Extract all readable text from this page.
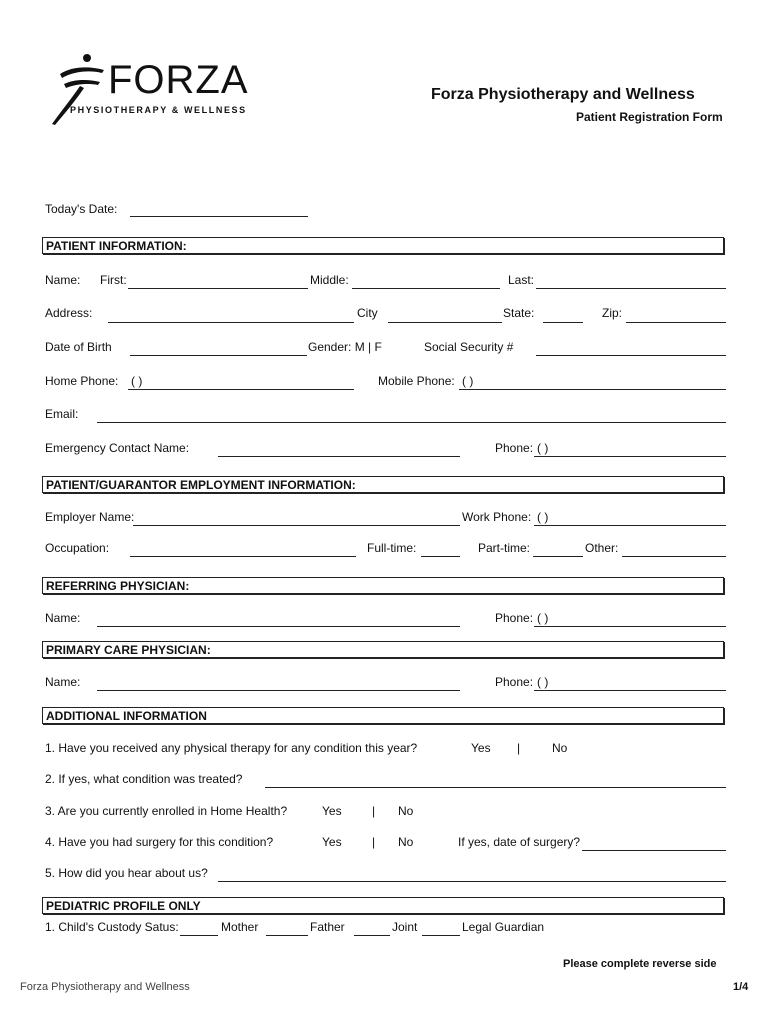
FORZA
PHYSIOTHERAPY & WELLNESS
Forza Physiotherapy and Wellness
Patient Registration Form
Today's Date:
PATIENT INFORMATION:
Name: First:	Middle:	Last:
Address:	City	State:	Zip:
Date of Birth	Gender: M | F	Social Security #
Home Phone: ( )	Mobile Phone: ( )
Email:
Emergency Contact Name:	Phone: ( )
PATIENT/GUARANTOR EMPLOYMENT INFORMATION:
Employer Name:	Work Phone: ( )
Occupation:	Full-time:	Part-time:	Other:
REFERRING PHYSICIAN:
Name:	Phone: ( )
PRIMARY CARE PHYSICIAN:
Name:	Phone: ( )
ADDITIONAL INFORMATION
1. Have you received any physical therapy for any condition this year?	Yes |	No
2. If yes, what condition was treated?
3. Are you currently enrolled in Home Health?	Yes	| No
4. Have you had surgery for this condition?	Yes	| No	If yes, date of surgery?
5. How did you hear about us?
PEDIATRIC PROFILE ONLY
1. Child's Custody Satus:	Mother	Father	Joint	Legal Guardian
Please complete reverse side
Forza Physiotherapy and Wellness	1/4
